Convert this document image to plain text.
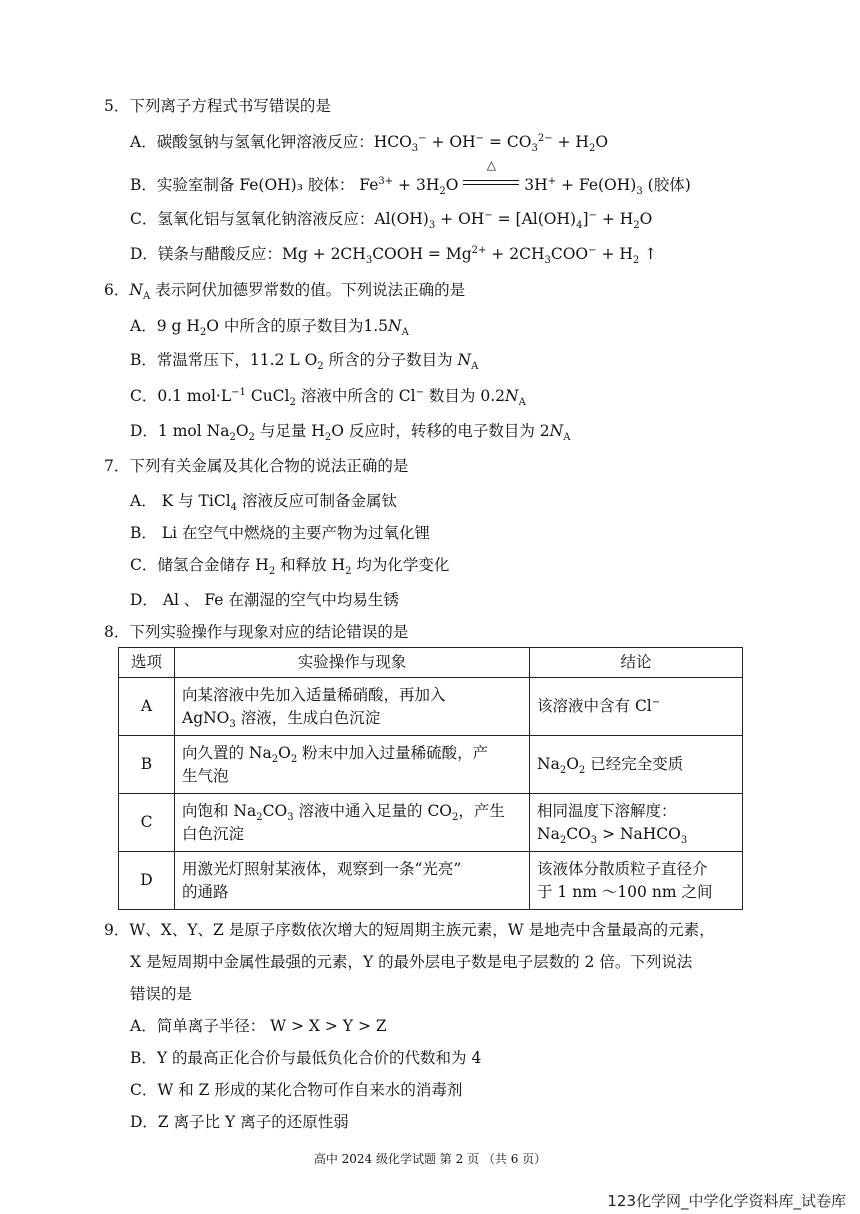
5．下列离子方程式书写错误的是
A．碳酸氢钠与氢氧化钾溶液反应：$HCO_3^- + OH^- = CO_3^{2-} + H_2O$
B．实验室制备 Fe(OH)₃ 胶体： $Fe^{3+} + 3H_2O$
△
$3H^+ + Fe(OH)_3$ (胶体)
C．氢氧化铝与氢氧化钠溶液反应：$Al(OH)_3 + OH^- = [Al(OH)_4]^- + H_2O$
D．镁条与醋酸反应：$Mg + 2CH_3COOH = Mg^{2+} + 2CH_3COO^- + H_2$ ↑
6．$N_A$ 表示阿伏加德罗常数的值。下列说法正确的是
A．9 g $H_2O$ 中所含的原子数目为$1.5N_A$
B．常温常压下，11.2 L $O_2$ 所含的分子数目为 $N_A$
C．0.1 $mol\cdot L^{-1}$ CuCl$_2$ 溶液中所含的 Cl− 数目为 $0.2N_A$
D．1 mol $Na_2O_2$ 与足量 $H_2O$ 反应时，转移的电子数目为 $2N_A$
7．下列有关金属及其化合物的说法正确的是
A． K 与 TiCl$_4$ 溶液反应可制备金属钛
B． Li 在空气中燃烧的主要产物为过氧化锂
C．储氢合金储存 $H_2$ 和释放 $H_2$ 均为化学变化
D． Al 、 Fe 在潮湿的空气中均易生锈
8．下列实验操作与现象对应的结论错误的是
选项	实验操作与现象	结论
A	向某溶液中先加入适量稀硝酸，再加入
AgNO$_3$ 溶液，生成白色沉淀	该溶液中含有 Cl−
B	向久置的 $Na_2O_2$ 粉末中加入过量稀硫酸，产
生气泡	$Na_2O_2$ 已经完全变质
C	向饱和 $Na_2CO_3$ 溶液中通入足量的 $CO_2$，产生
白色沉淀	相同温度下溶解度：
$Na_2CO_3$ > NaHCO$_3$
D	用激光灯照射某液体，观察到一条“光亮”
的通路	该液体分散质粒子直径介
于 1 nm ～100 nm 之间
9．W、X、Y、Z 是原子序数依次增大的短周期主族元素，W 是地壳中含量最高的元素，
X 是短周期中金属性最强的元素，Y 的最外层电子数是电子层数的 2 倍。下列说法
错误的是
A．简单离子半径： W > X > Y > Z
B．Y 的最高正化合价与最低负化合价的代数和为 4
C．W 和 Z 形成的某化合物可作自来水的消毒剂
D．Z 离子比 Y 离子的还原性弱
高中 2024 级化学试题 第 2 页 （共 6 页）
123化学网_中学化学资料库_试卷库
